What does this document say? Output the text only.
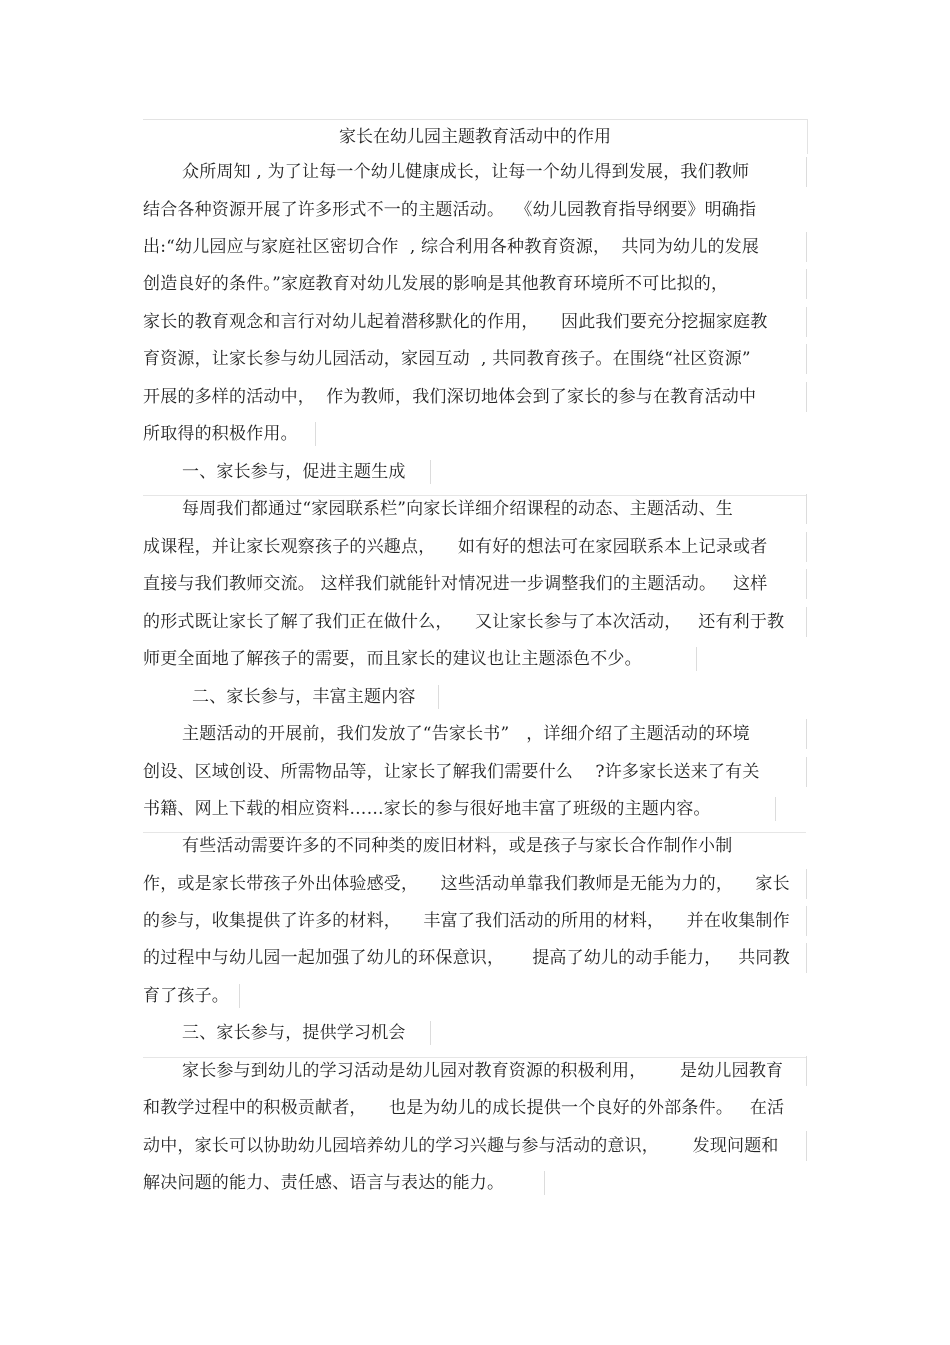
家长在幼儿园主题教育活动中的作用
众所周知 , 为了让每一个幼儿健康成长，让每一个幼儿得到发展，我们教师
结合各种资源开展了许多形式不一的主题活动。  《幼儿园教育指导纲要》明确指
出:“幼儿园应与家庭社区密切合作  , 综合利用各种教育资源，  共同为幼儿的发展
创造良好的条件。”家庭教育对幼儿发展的影响是其他教育环境所不可比拟的，
家长的教育观念和言行对幼儿起着潜移默化的作用，    因此我们要充分挖掘家庭教
育资源，让家长参与幼儿园活动，家园互动  , 共同教育孩子。在围绕“社区资源”
开展的多样的活动中，  作为教师，我们深切地体会到了家长的参与在教育活动中
所取得的积极作用。
一、家长参与，促进主题生成
每周我们都通过“家园联系栏”向家长详细介绍课程的动态、主题活动、生
成课程，并让家长观察孩子的兴趣点，    如有好的想法可在家园联系本上记录或者
直接与我们教师交流。 这样我们就能针对情况进一步调整我们的主题活动。   这样
的形式既让家长了解了我们正在做什么，    又让家长参与了本次活动，   还有利于教
师更全面地了解孩子的需要，而且家长的建议也让主题添色不少。
二、家长参与，丰富主题内容
主题活动的开展前，我们发放了“告家长书”   ，详细介绍了主题活动的环境
创设、区域创设、所需物品等，让家长了解我们需要什么    ?许多家长送来了有关
书籍、网上下载的相应资料……家长的参与很好地丰富了班级的主题内容。
有些活动需要许多的不同种类的废旧材料，或是孩子与家长合作制作小制
作，或是家长带孩子外出体验感受，    这些活动单靠我们教师是无能为力的，    家长
的参与，收集提供了许多的材料，    丰富了我们活动的所用的材料，    并在收集制作
的过程中与幼儿园一起加强了幼儿的环保意识，     提高了幼儿的动手能力，   共同教
育了孩子。
三、家长参与，提供学习机会
家长参与到幼儿的学习活动是幼儿园对教育资源的积极利用，      是幼儿园教育
和教学过程中的积极贡献者，    也是为幼儿的成长提供一个良好的外部条件。   在活
动中，家长可以协助幼儿园培养幼儿的学习兴趣与参与活动的意识，      发现问题和
解决问题的能力、责任感、语言与表达的能力。
